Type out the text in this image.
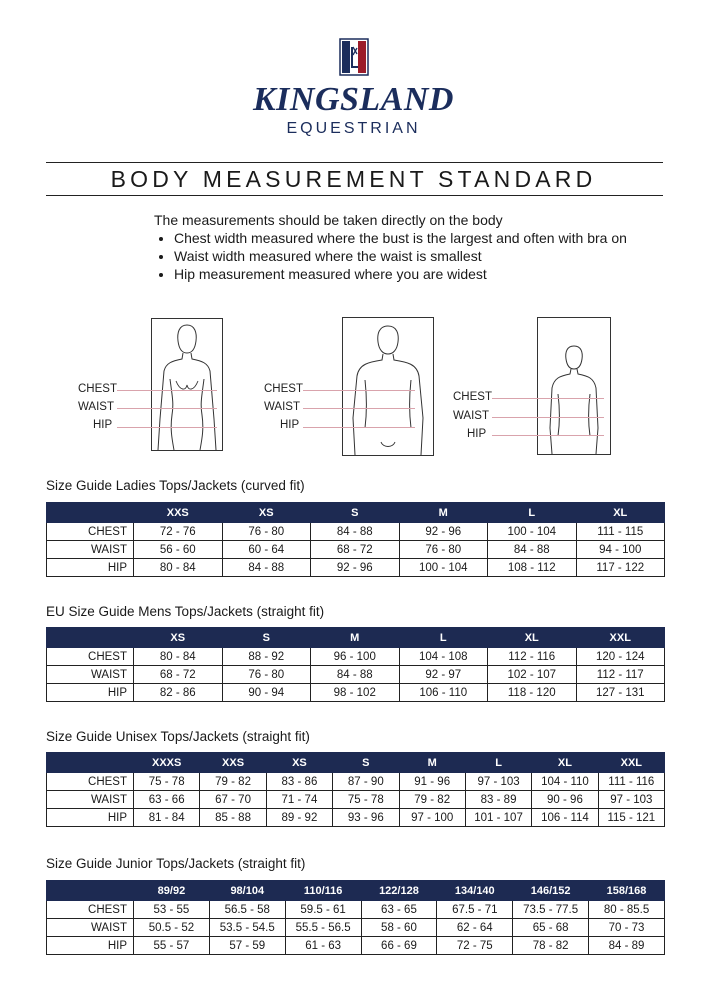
KINGSLAND
EQUESTRIAN
BODY MEASUREMENT STANDARD
The measurements should be taken directly on the body
• Chest width measured where the bust is the largest and often with bra on
• Waist width measured where the waist is smallest
• Hip measurement measured where you are widest
CHEST
WAIST
HIP
CHEST
WAIST
HIP
CHEST
WAIST
HIP
Size Guide Ladies Tops/Jackets (curved fit)
	XXS	XS	S	M	L	XL
CHEST	72 - 76	76 - 80	84 - 88	92 - 96	100 - 104	111 - 115
WAIST	56 - 60	60 - 64	68 - 72	76 - 80	84 - 88	94 - 100
HIP	80 - 84	84 - 88	92 - 96	100 - 104	108 - 112	117 - 122
EU Size Guide Mens Tops/Jackets (straight fit)
	XS	S	M	L	XL	XXL
CHEST	80 - 84	88 - 92	96 - 100	104 - 108	112 - 116	120 - 124
WAIST	68 - 72	76 - 80	84 - 88	92 - 97	102 - 107	112 - 117
HIP	82 - 86	90 - 94	98 - 102	106 - 110	118 - 120	127 - 131
Size Guide Unisex Tops/Jackets (straight fit)
	XXXS	XXS	XS	S	M	L	XL	XXL
CHEST	75 - 78	79 - 82	83 - 86	87 - 90	91 - 96	97 - 103	104 - 110	111 - 116
WAIST	63 - 66	67 - 70	71 - 74	75 - 78	79 - 82	83 - 89	90 - 96	97 - 103
HIP	81 - 84	85 - 88	89 - 92	93 - 96	97 - 100	101 - 107	106 - 114	115 - 121
Size Guide Junior Tops/Jackets (straight fit)
	89/92	98/104	110/116	122/128	134/140	146/152	158/168
CHEST	53 - 55	56.5 - 58	59.5 - 61	63 - 65	67.5 - 71	73.5 - 77.5	80 - 85.5
WAIST	50.5 - 52	53.5 - 54.5	55.5 - 56.5	58 - 60	62 - 64	65 - 68	70 - 73
HIP	55 - 57	57 - 59	61 - 63	66 - 69	72 - 75	78 - 82	84 - 89
